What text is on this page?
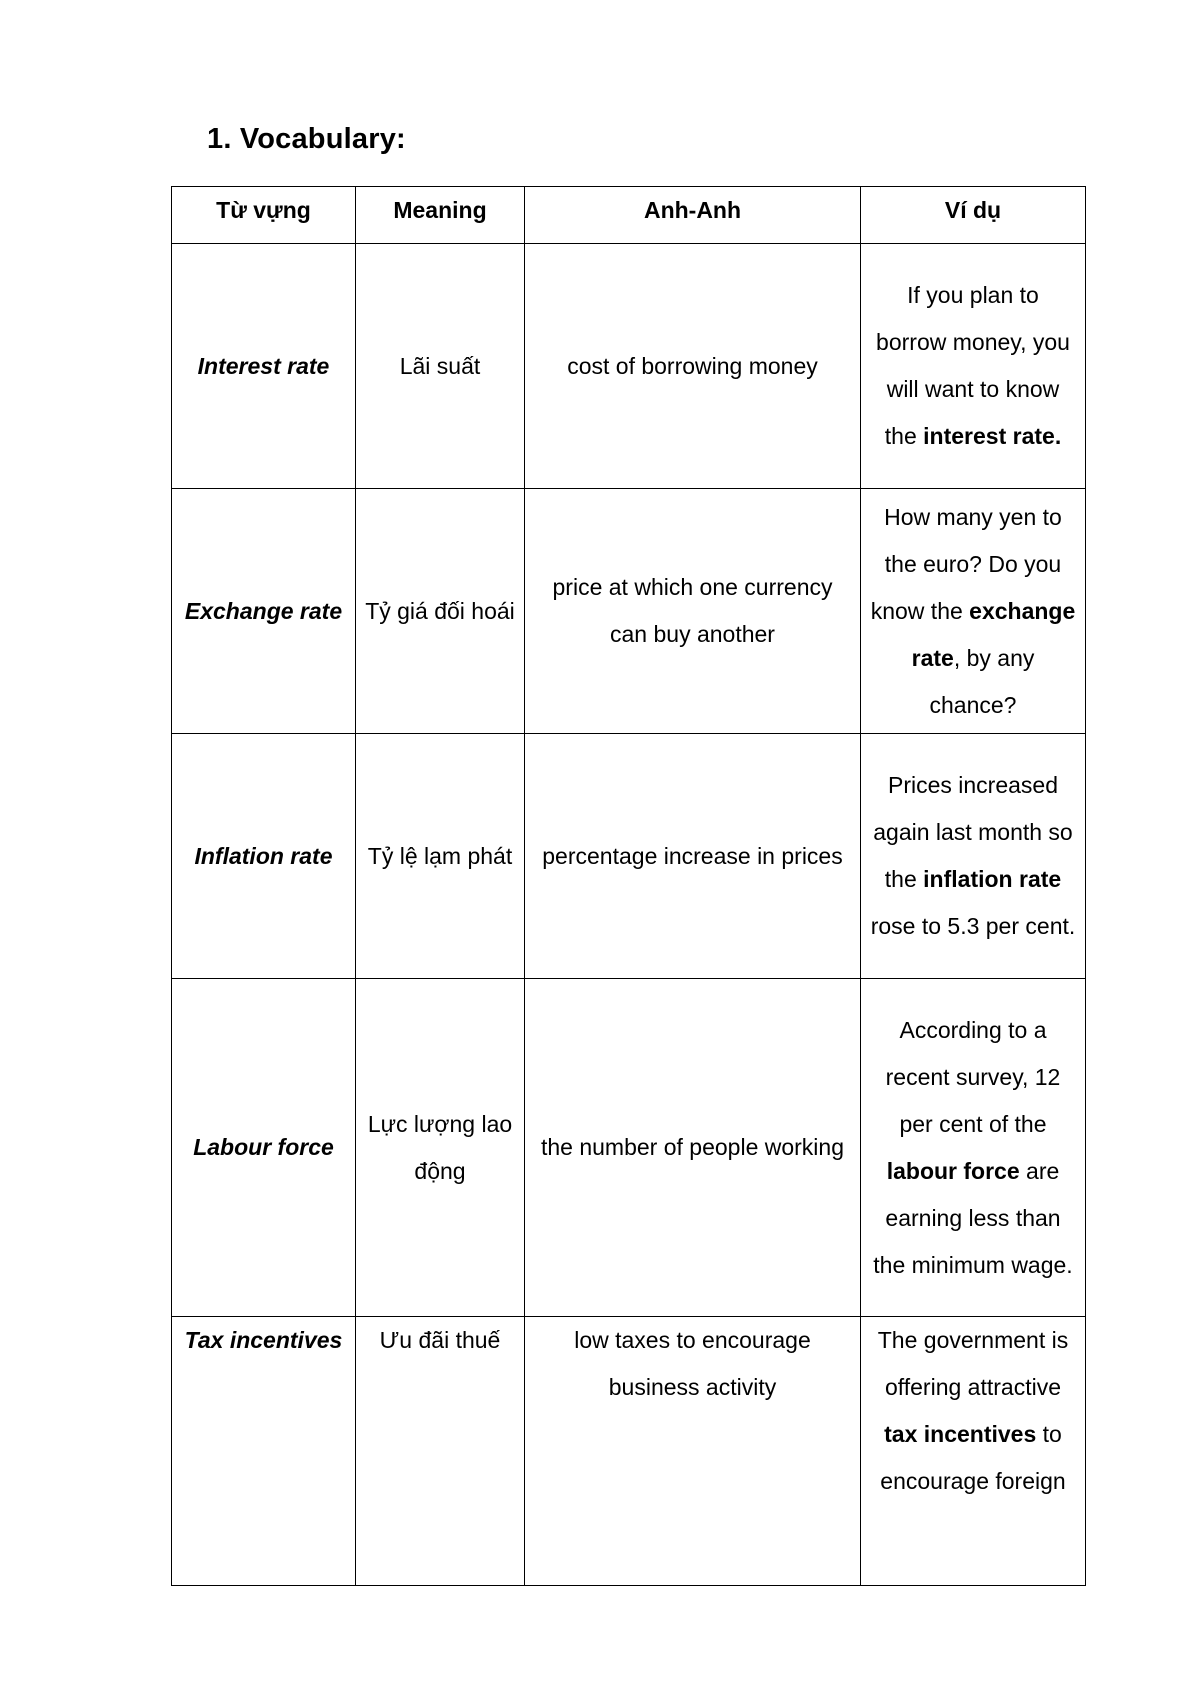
1. Vocabulary:
Từ vựng	Meaning	Anh-Anh	Ví dụ
Interest rate	Lãi suất	cost of borrowing money	If you plan to borrow money, you will want to know the interest rate.
Exchange rate	Tỷ giá đối hoái	price at which one currency can buy another	How many yen to the euro? Do you know the exchange rate, by any chance?
Inflation rate	Tỷ lệ lạm phát	percentage increase in prices	Prices increased again last month so the inflation rate rose to 5.3 per cent.
Labour force	Lực lượng lao động	the number of people working	According to a recent survey, 12 per cent of the labour force are earning less than the minimum wage.
Tax incentives	Ưu đãi thuế	low taxes to encourage business activity	The government is offering attractive tax incentives to encourage foreign
